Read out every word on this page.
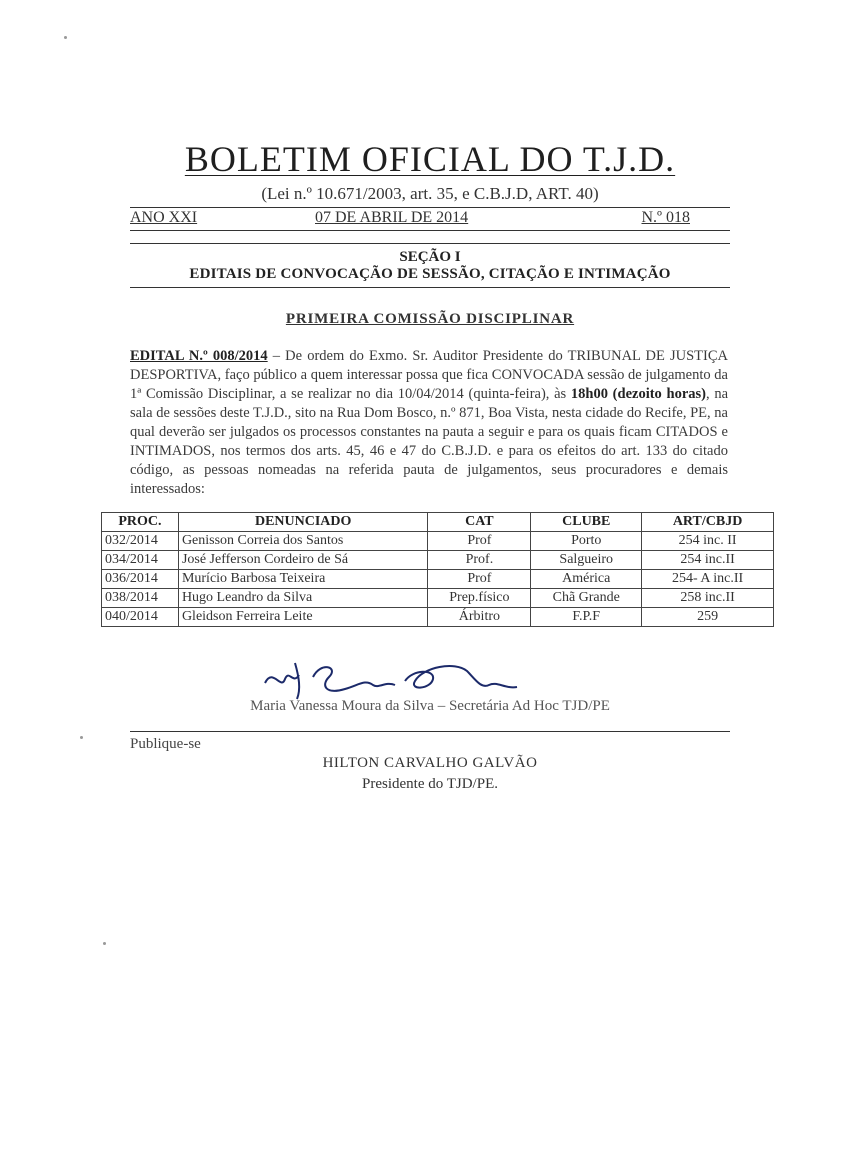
BOLETIM OFICIAL DO T.J.D.
(Lei n.º 10.671/2003, art. 35, e C.B.J.D, ART. 40)
ANO XXI	07 DE ABRIL DE 2014	N.º 018
SEÇÃO I
EDITAIS DE CONVOCAÇÃO DE SESSÃO, CITAÇÃO E INTIMAÇÃO
PRIMEIRA COMISSÃO DISCIPLINAR
EDITAL N.º 008/2014 – De ordem do Exmo. Sr. Auditor Presidente do TRIBUNAL DE JUSTIÇA DESPORTIVA, faço público a quem interessar possa que fica CONVOCADA sessão de julgamento da 1ª Comissão Disciplinar, a se realizar no dia 10/04/2014 (quinta-feira), às 18h00 (dezoito horas), na sala de sessões deste T.J.D., sito na Rua Dom Bosco, n.º 871, Boa Vista, nesta cidade do Recife, PE, na qual deverão ser julgados os processos constantes na pauta a seguir e para os quais ficam CITADOS e INTIMADOS, nos termos dos arts. 45, 46 e 47 do C.B.J.D. e para os efeitos do art. 133 do citado código, as pessoas nomeadas na referida pauta de julgamentos, seus procuradores e demais interessados:
PROC.	DENUNCIADO	CAT	CLUBE	ART/CBJD
032/2014	Genisson Correia dos Santos	Prof	Porto	254 inc. II
034/2014	José Jefferson Cordeiro de Sá	Prof.	Salgueiro	254 inc.II
036/2014	Murício Barbosa Teixeira	Prof	América	254- A inc.II
038/2014	Hugo Leandro da Silva	Prep.físico	Chã Grande	258 inc.II
040/2014	Gleidson Ferreira Leite	Árbitro	F.P.F	259
Maria Vanessa Moura da Silva – Secretária Ad Hoc TJD/PE
Publique-se
HILTON CARVALHO GALVÃO
Presidente do TJD/PE.
